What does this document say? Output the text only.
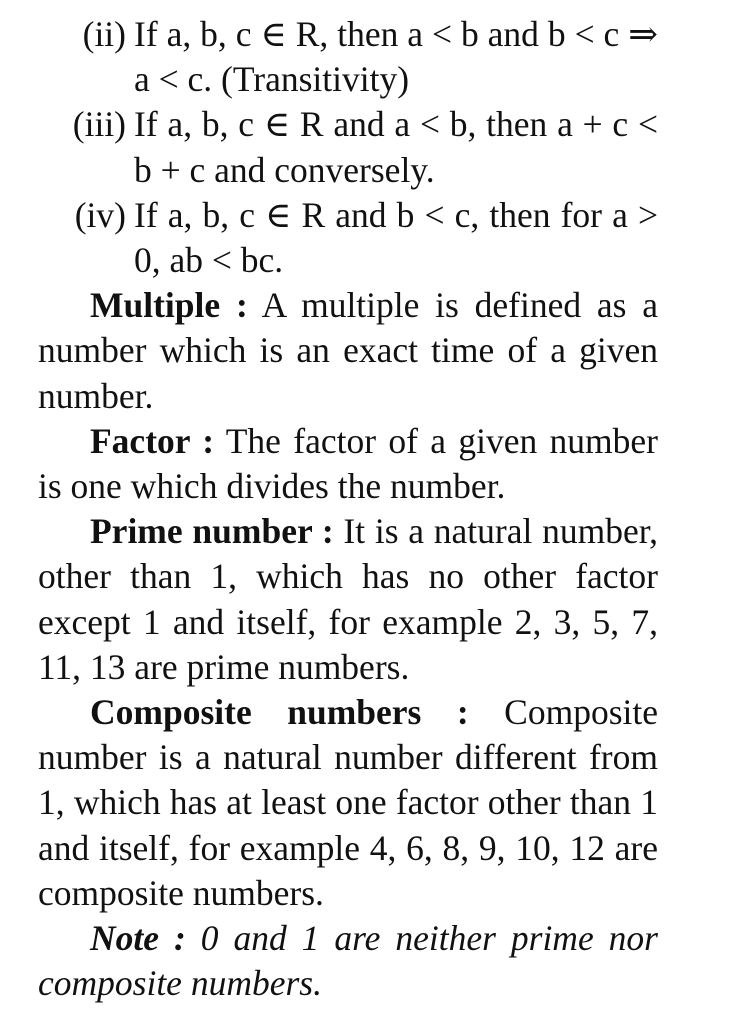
(ii) If a, b, c ∈ R, then a < b and b < c ⇒ a < c. (Transitivity)
(iii) If a, b, c ∈ R and a < b, then a + c < b + c and conversely.
(iv) If a, b, c ∈ R and b < c, then for a > 0, ab < bc.

Multiple : A multiple is defined as a number which is an exact time of a given number.

Factor : The factor of a given number is one which divides the number.

Prime number : It is a natural number, other than 1, which has no other factor except 1 and itself, for example 2, 3, 5, 7, 11, 13 are prime numbers.

Composite numbers : Composite number is a natural number different from 1, which has at least one factor other than 1 and itself, for example 4, 6, 8, 9, 10, 12 are composite numbers.

Note : 0 and 1 are neither prime nor composite numbers.
